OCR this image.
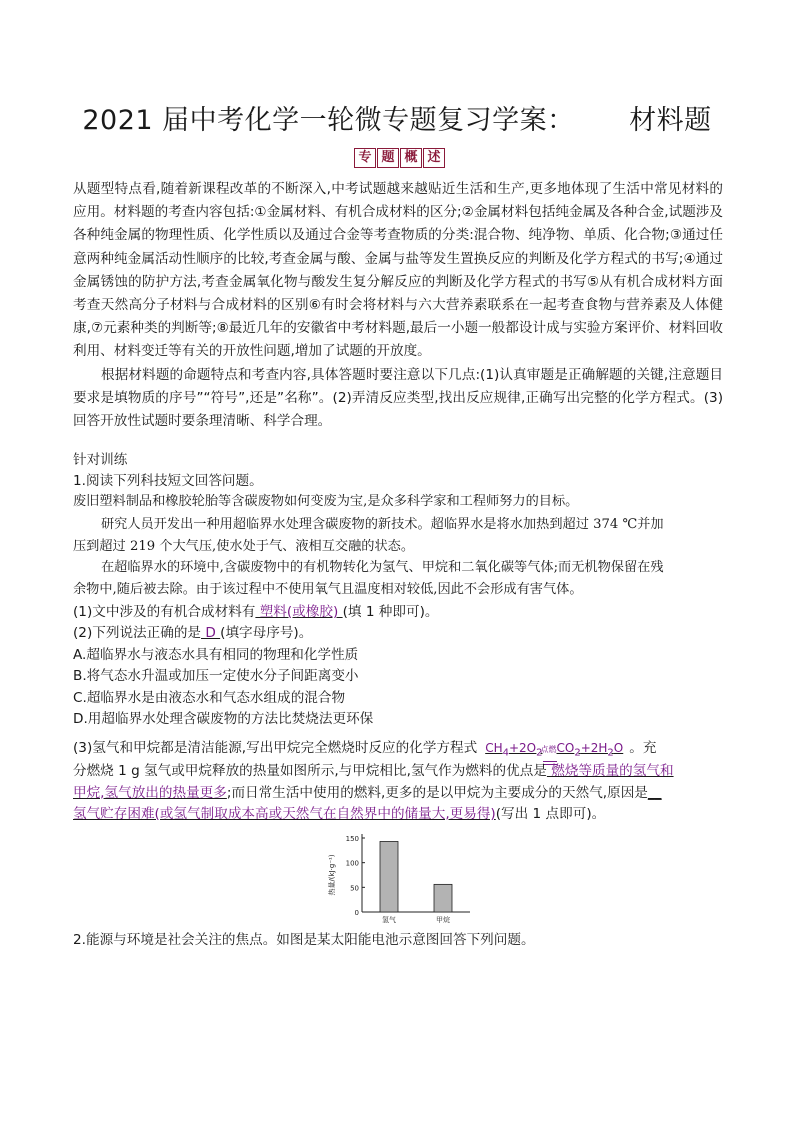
2021 届中考化学一轮微专题复习学案：      材料题
专 题 概 述
从题型特点看,随着新课程改革的不断深入,中考试题越来越贴近生活和生产,更多地体现了生活中常见材料的应用。材料题的考查内容包括:①金属材料、有机合成材料的区分;②金属材料包括纯金属及各种合金,试题涉及各种纯金属的物理性质、化学性质以及通过合金等考查物质的分类:混合物、纯净物、单质、化合物;③通过任意两种纯金属活动性顺序的比较,考查金属与酸、金属与盐等发生置换反应的判断及化学方程式的书写;④通过金属锈蚀的防护方法,考查金属氧化物与酸发生复分解反应的判断及化学方程式的书写⑤从有机合成材料方面考查天然高分子材料与合成材料的区别⑥有时会将材料与六大营养素联系在一起考查食物与营养素及人体健康,⑦元素种类的判断等;⑧最近几年的安徽省中考材料题,最后一小题一般都设计成与实验方案评价、材料回收利用、材料变迁等有关的开放性问题,增加了试题的开放度。
根据材料题的命题特点和考查内容,具体答题时要注意以下几点:(1)认真审题是正确解题的关键,注意题目要求是填物质的序号”“符号”,还是”名称”。(2)弄清反应类型,找出反应规律,正确写出完整的化学方程式。(3)回答开放性试题时要条理清晰、科学合理。
针对训练
1.阅读下列科技短文回答问题。
废旧塑料制品和橡胶轮胎等含碳废物如何变废为宝,是众多科学家和工程师努力的目标。
研究人员开发出一种用超临界水处理含碳废物的新技术。超临界水是将水加热到超过 374 ℃并加
压到超过 219 个大气压,使水处于气、液相互交融的状态。
在超临界水的环境中,含碳废物中的有机物转化为氢气、甲烷和二氧化碳等气体;而无机物保留在残
余物中,随后被去除。由于该过程中不使用氧气且温度相对较低,因此不会形成有害气体。
(1)文中涉及的有机合成材料有 塑料(或橡胶) (填 1 种即可)。
(2)下列说法正确的是 D (填字母序号)。
A.超临界水与液态水具有相同的物理和化学性质
B.将气态水升温或加压一定使水分子间距离变小
C.超临界水是由液态水和气态水组成的混合物
D.用超临界水处理含碳废物的方法比焚烧法更环保
(3)氢气和甲烷都是清洁能源,写出甲烷完全燃烧时反应的化学方程式 $CH_4+2O_2$
点燃 $CO_2+2H_2O$ 。充
分燃烧 1 g 氢气或甲烷释放的热量如图所示,与甲烷相比,氢气作为燃料的优点是 燃烧等质量的氢气和
甲烷,氢气放出的热量更多;而日常生活中使用的燃料,更多的是以甲烷为主要成分的天然气,原因是__
氢气贮存困难(或氢气制取成本高或天然气在自然界中的储量大,更易得)(写出 1 点即可)。
0
50
100
150
热量/(kJ·g⁻¹)
氢气	甲烷
2.能源与环境是社会关注的焦点。如图是某太阳能电池示意图回答下列问题。
